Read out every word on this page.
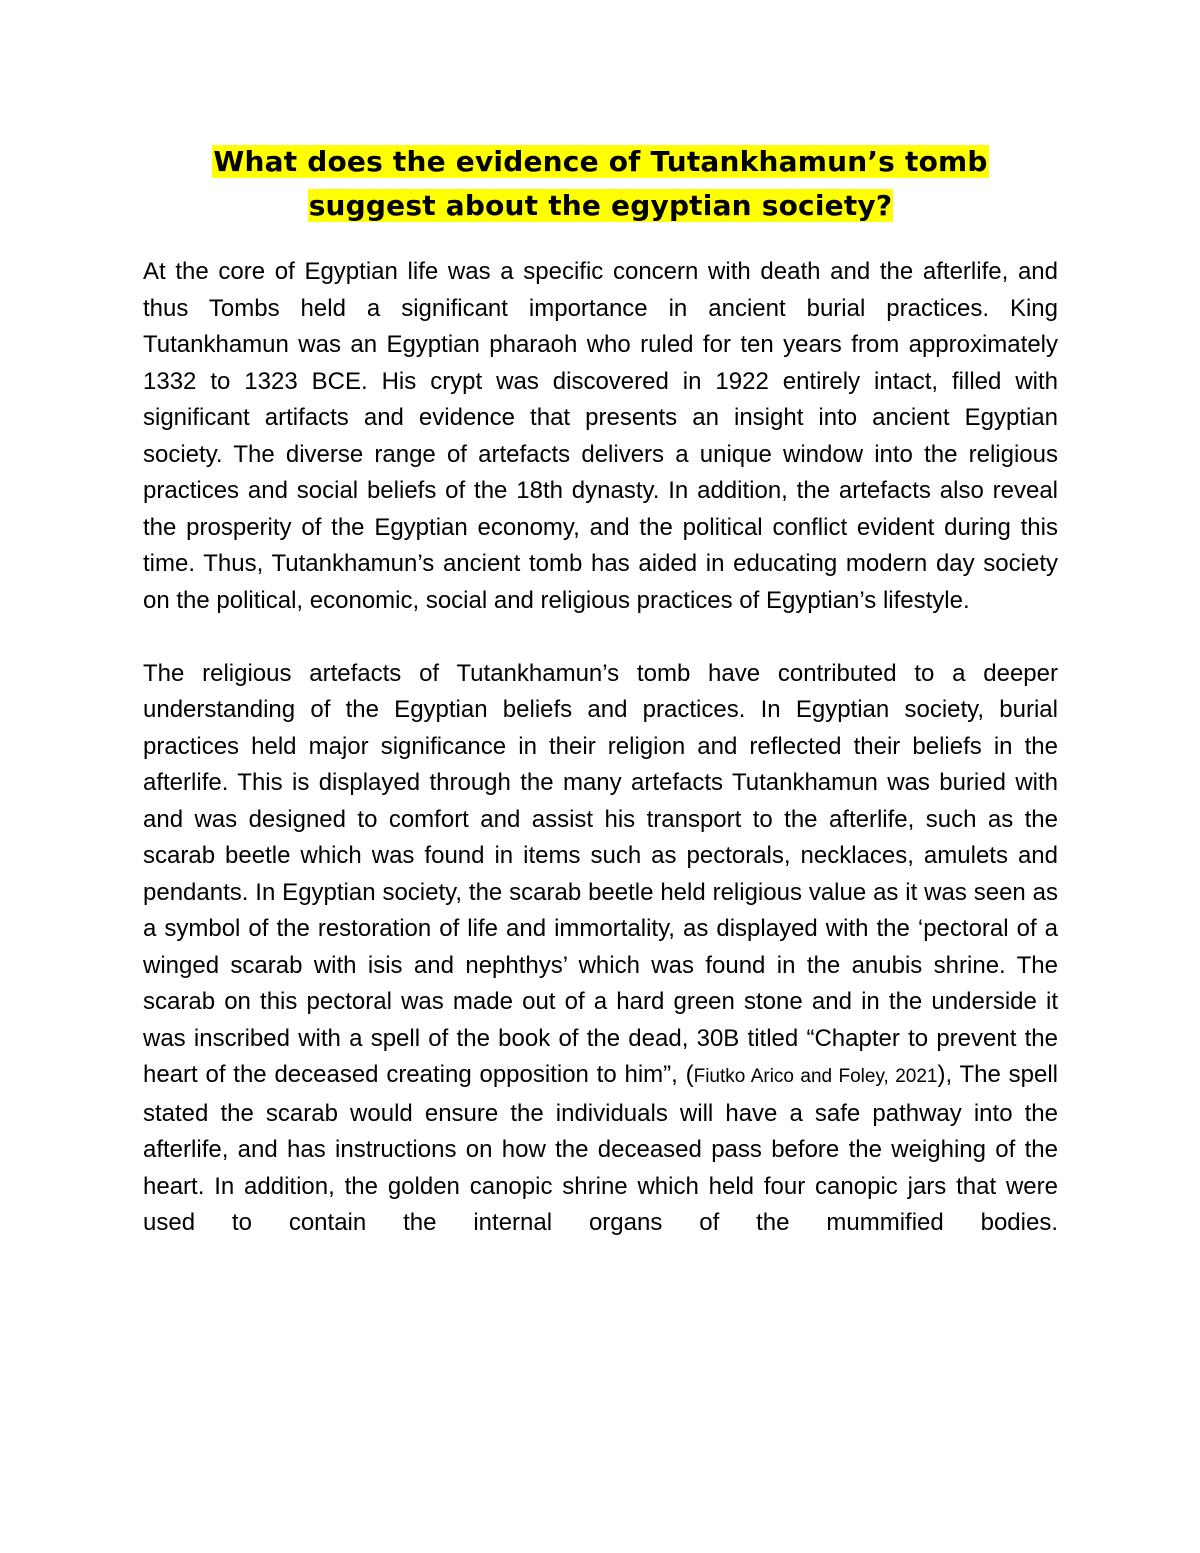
What does the evidence of Tutankhamun’s tomb
suggest about the egyptian society?

At the core of Egyptian life was a specific concern with death and the afterlife, and thus Tombs held a significant importance in ancient burial practices. King Tutankhamun was an Egyptian pharaoh who ruled for ten years from approximately 1332 to 1323 BCE. His crypt was discovered in 1922 entirely intact, filled with significant artifacts and evidence that presents an insight into ancient Egyptian society. The diverse range of artefacts delivers a unique window into the religious practices and social beliefs of the 18th dynasty. In addition, the artefacts also reveal the prosperity of the Egyptian economy, and the political conflict evident during this time. Thus, Tutankhamun’s ancient tomb has aided in educating modern day society on the political, economic, social and religious practices of Egyptian’s lifestyle.

The religious artefacts of Tutankhamun’s tomb have contributed to a deeper understanding of the Egyptian beliefs and practices. In Egyptian society, burial practices held major significance in their religion and reflected their beliefs in the afterlife. This is displayed through the many artefacts Tutankhamun was buried with and was designed to comfort and assist his transport to the afterlife, such as the scarab beetle which was found in items such as pectorals, necklaces, amulets and pendants. In Egyptian society, the scarab beetle held religious value as it was seen as a symbol of the restoration of life and immortality, as displayed with the ‘pectoral of a winged scarab with isis and nephthys’ which was found in the anubis shrine. The scarab on this pectoral was made out of a hard green stone and in the underside it was inscribed with a spell of the book of the dead, 30B titled “Chapter to prevent the heart of the deceased creating opposition to him”, (Fiutko Arico and Foley, 2021), The spell stated the scarab would ensure the individuals will have a safe pathway into the afterlife, and has instructions on how the deceased pass before the weighing of the heart. In addition, the golden canopic shrine which held four canopic jars that were used to contain the internal organs of the mummified bodies.
